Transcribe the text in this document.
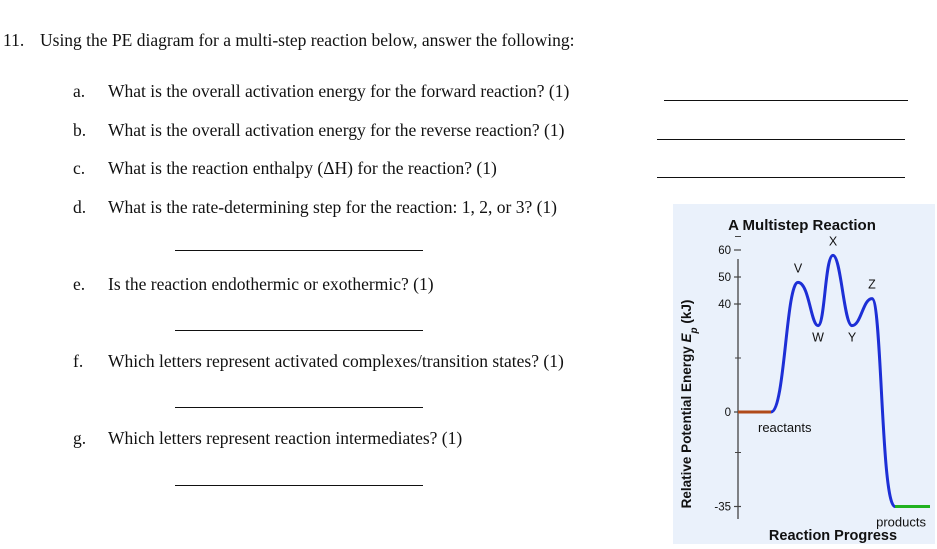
11. Using the PE diagram for a multi-step reaction below, answer the following:
a. What is the overall activation energy for the forward reaction? (1)
b. What is the overall activation energy for the reverse reaction? (1)
c. What is the reaction enthalpy (ΔH) for the reaction? (1)
d. What is the rate-determining step for the reaction: 1, 2, or 3? (1)
e. Is the reaction endothermic or exothermic? (1)
f. Which letters represent activated complexes/transition states? (1)
g. Which letters represent reaction intermediates? (1)
A Multistep Reaction
Reaction Progress
Relative Potential Energy $E_p$ (kJ)
60
50
40
0
-35
reactants
V
W
X
Y
Z
products
